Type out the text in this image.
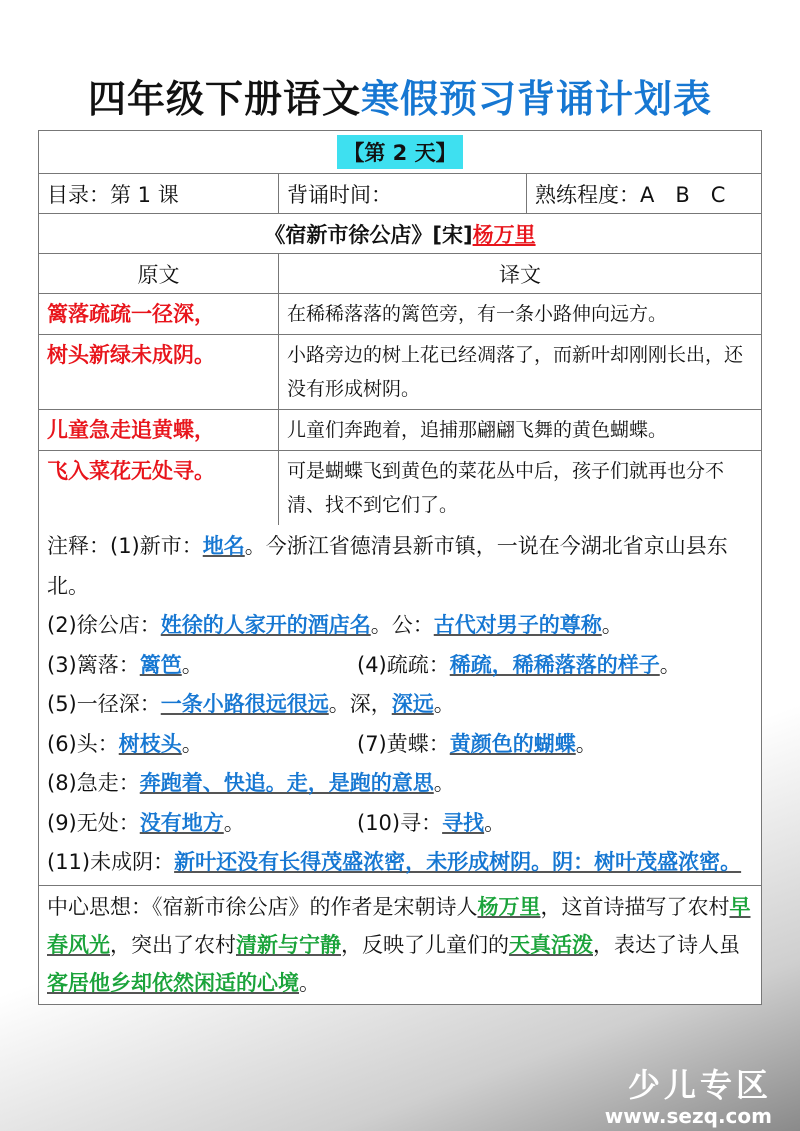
四年级下册语文寒假预习背诵计划表
【第 2 天】
目录：第 1 课	背诵时间：	熟练程度：A　B　C
《宿新市徐公店》[宋] 杨万里
原文	译文
篱落疏疏一径深，	在稀稀落落的篱笆旁，有一条小路伸向远方。
树头新绿未成阴。	小路旁边的树上花已经凋落了，而新叶却刚刚长出，还没有形成树阴。
儿童急走追黄蝶，	儿童们奔跑着，追捕那翩翩飞舞的黄色蝴蝶。
飞入菜花无处寻。	可是蝴蝶飞到黄色的菜花丛中后，孩子们就再也分不清、找不到它们了。
注释：(1)新市：地名。今浙江省德清县新市镇，一说在今湖北省京山县东北。
(2)徐公店：姓徐的人家开的酒店名。公：古代对男子的尊称。
(3)篱落：篱笆。	(4)疏疏：稀疏，稀稀落落的样子。
(5)一径深：一条小路很远很远。深，深远。
(6)头：树枝头。	(7)黄蝶：黄颜色的蝴蝶。
(8)急走：奔跑着、快追。走，是跑的意思。
(9)无处：没有地方。	(10)寻：寻找。
(11)未成阴：新叶还没有长得茂盛浓密，未形成树阴。阴：树叶茂盛浓密。
中心思想：《宿新市徐公店》的作者是宋朝诗人杨万里，这首诗描写了农村早春风光，突出了农村清新与宁静，反映了儿童们的天真活泼，表达了诗人虽客居他乡却依然闲适的心境。
少儿专区
www.sezq.com
